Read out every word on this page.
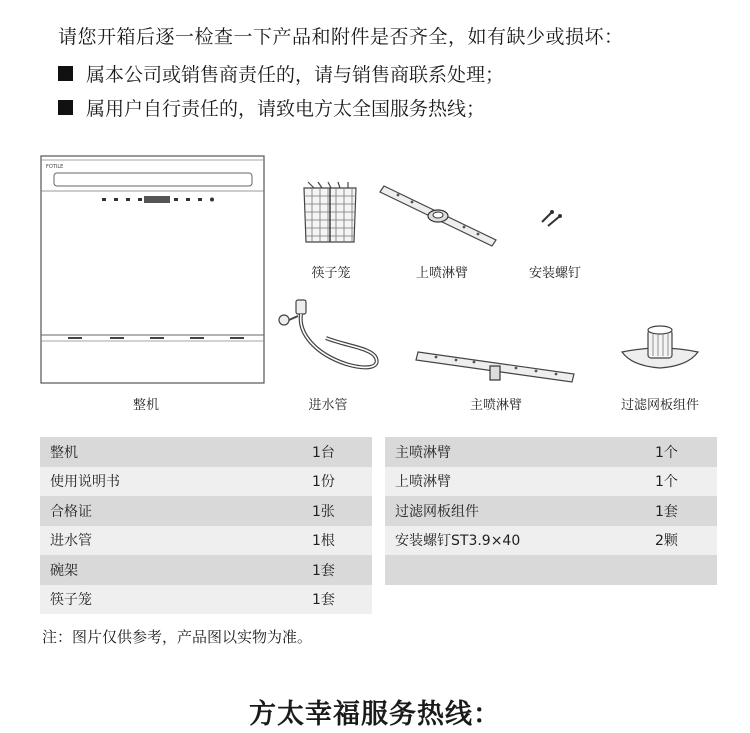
请您开箱后逐一检查一下产品和附件是否齐全，如有缺少或损坏：
属本公司或销售商责任的，请与销售商联系处理；
属用户自行责任的，请致电方太全国服务热线；
FOTILE
整机
筷子笼	上喷淋臂	安装螺钉
进水管	主喷淋臂	过滤网板组件
整机	1台
使用说明书	1份
合格证	1张
进水管	1根
碗架	1套
筷子笼	1套
主喷淋臂	1个
上喷淋臂	1个
过滤网板组件	1套
安装螺钉ST3.9×40	2颗
注：图片仅供参考，产品图以实物为准。
方太幸福服务热线：
